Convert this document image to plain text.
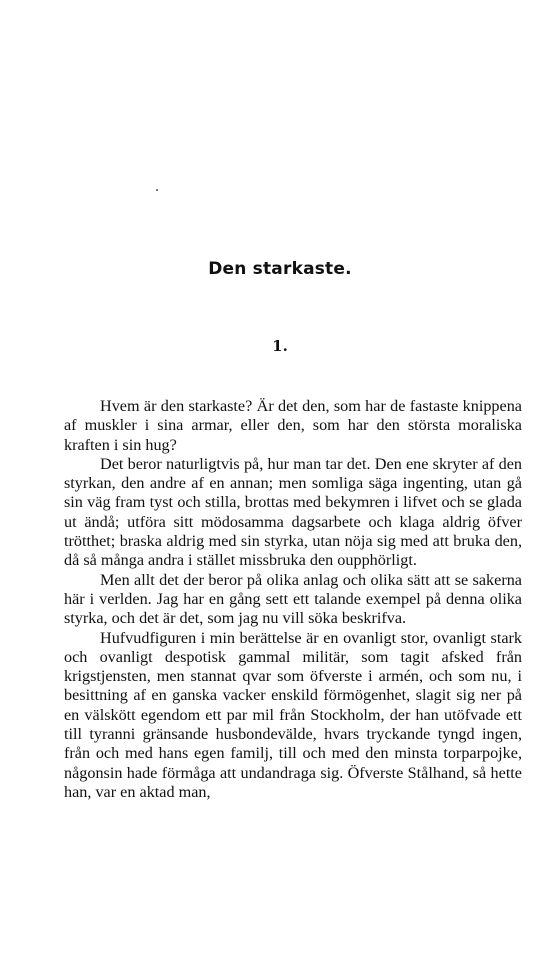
Den starkaste.
1.

Hvem är den starkaste? Är det den, som har de fastaste knippena af muskler i sina armar, eller den, som har den största moraliska kraften i sin hug?

Det beror naturligtvis på, hur man tar det. Den ene skryter af den styrkan, den andre af en annan; men somliga säga ingenting, utan gå sin väg fram tyst och stilla, brottas med bekymren i lifvet och se glada ut ändå; utföra sitt mödosamma dagsarbete och klaga aldrig öfver trötthet; braska aldrig med sin styrka, utan nöja sig med att bruka den, då så många andra i stället missbruka den oupphörligt.

Men allt det der beror på olika anlag och olika sätt att se sakerna här i verlden. Jag har en gång sett ett talande exempel på denna olika styrka, och det är det, som jag nu vill söka beskrifva.

Hufvudfiguren i min berättelse är en ovanligt stor, ovanligt stark och ovanligt despotisk gammal militär, som tagit afsked från krigstjensten, men stannat qvar som öfverste i armén, och som nu, i besittning af en ganska vacker enskild förmögenhet, slagit sig ner på en välskött egendom ett par mil från Stockholm, der han utöfvade ett till tyranni gränsande husbondevälde, hvars tryckande tyngd ingen, från och med hans egen familj, till och med den minsta torparpojke, någonsin hade förmåga att undandraga sig. Öfverste Stålhand, så hette han, var en aktad man,
